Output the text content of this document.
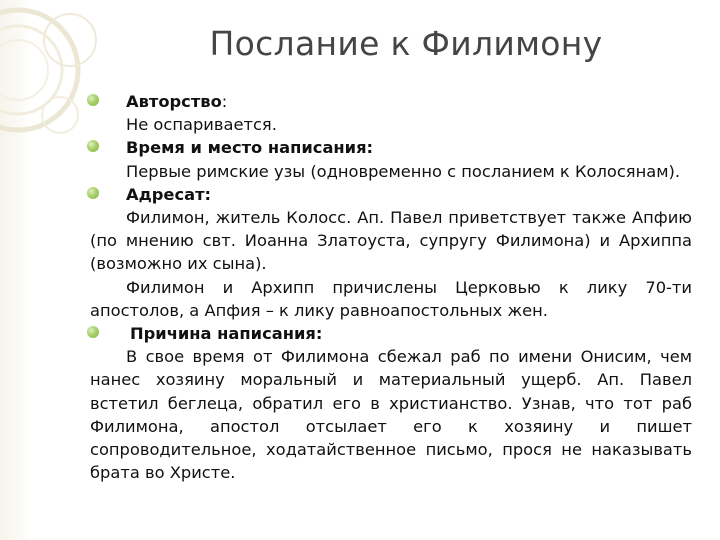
Послание к Филимону

Авторство:

Не оспаривается.

Время и место написания:

Первые римские узы (одновременно с посланием к Колосянам).

Адресат:

Филимон, житель Колосс. Ап. Павел приветствует также Апфию (по мнению свт. Иоанна Златоуста, супругу Филимона) и Архиппа (возможно их сына).

Филимон и Архипп причислены Церковью к лику 70-ти апостолов, а Апфия – к лику равноапостольных жен.

Причина написания:

В свое время от Филимона сбежал раб по имени Онисим, чем нанес хозяину моральный и материальный ущерб. Ап. Павел встетил беглеца, обратил его в христианство. Узнав, что тот раб Филимона, апостол отсылает его к хозяину и пишет сопроводительное, ходатайственное письмо, прося не наказывать брата во Христе.
